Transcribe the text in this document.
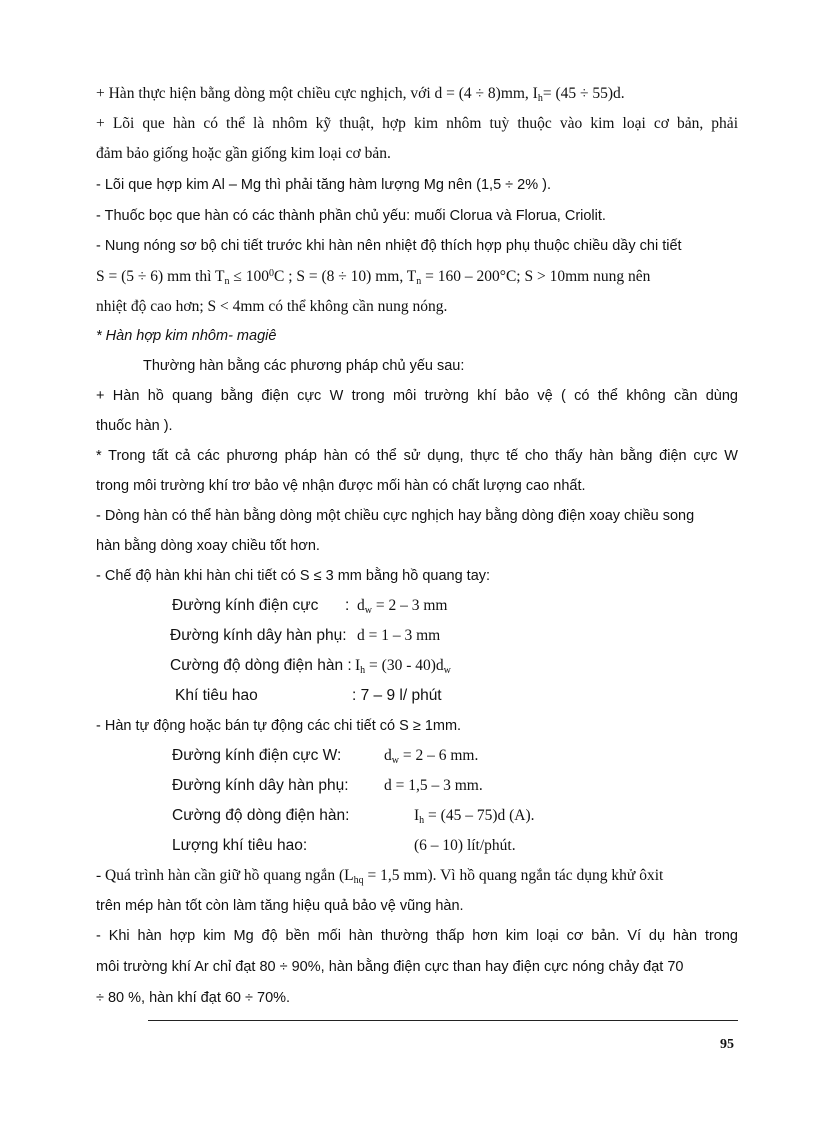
+ Hàn thực hiện bằng dòng một chiều cực nghịch, với d = (4 ÷ 8)mm, $I_h= (45 \div 55)d$.
+ Lõi que hàn có thể là nhôm kỹ thuật, hợp kim nhôm tuỳ thuộc vào kim loại cơ bản, phải
đảm bảo giống hoặc gần giống kim loại cơ bản.
- Lõi que hợp kim Al – Mg thì phải tăng hàm lượng Mg nên (1,5 ÷ 2% ).
- Thuốc bọc que hàn có các thành phần chủ yếu: muối Clorua và Florua, Criolit.
- Nung nóng sơ bộ chi tiết trước khi hàn nên nhiệt độ thích hợp phụ thuộc chiều dầy chi tiết
S = (5 ÷ 6) mm thì $T_n \le 100^0C$ ; S = (8 ÷ 10) mm, $T_n = 160 - 200^\circ C$; S > 10mm nung nên
nhiệt độ cao hơn; S < 4mm có thể không cần nung nóng.
* Hàn hợp kim nhôm- magiê
Thường hàn bằng các phương pháp chủ yếu sau:
+ Hàn hồ quang bằng điện cực W trong môi trường khí bảo vệ ( có thể không cần dùng
thuốc hàn ).
* Trong tất cả các phương pháp hàn có thể sử dụng, thực tế cho thấy hàn bằng điện cực W
trong môi trường khí trơ bảo vệ nhận được mối hàn có chất lượng cao nhất.
- Dòng hàn có thể hàn bằng dòng một chiều cực nghịch hay bằng dòng điện xoay chiều song
hàn bằng dòng xoay chiều tốt hơn.
- Chế độ hàn khi hàn chi tiết có S ≤ 3 mm bằng hồ quang tay:
Đường kính điện cực : $d_w = 2 - 3$ mm
Đường kính dây hàn phụ: d = 1 – 3 mm
Cường độ dòng điện hàn : $I_h = (30 - 40)d_w$
Khí tiêu hao	: 7 – 9 l/ phút
- Hàn tự động hoặc bán tự động các chi tiết có S ≥ 1mm.
Đường kính điện cực W:	$d_w = 2 - 6$ mm.
Đường kính dây hàn phụ: d = 1,5 – 3 mm.
Cường độ dòng điện hàn:	$I_h = (45 - 75)d$ (A).
Lượng khí tiêu hao:	(6 – 10) lít/phút.
- Quá trình hàn cần giữ hồ quang ngắn ($L_{hq} = 1,5$ mm). Vì hồ quang ngắn tác dụng khử ôxit
trên mép hàn tốt còn làm tăng hiệu quả bảo vệ vũng hàn.
- Khi hàn hợp kim Mg độ bền mối hàn thường thấp hơn kim loại cơ bản. Ví dụ hàn trong
môi trường khí Ar chỉ đạt 80 ÷ 90%, hàn bằng điện cực than hay điện cực nóng chảy đạt 70
÷ 80 %, hàn khí đạt 60 ÷ 70%.
95
